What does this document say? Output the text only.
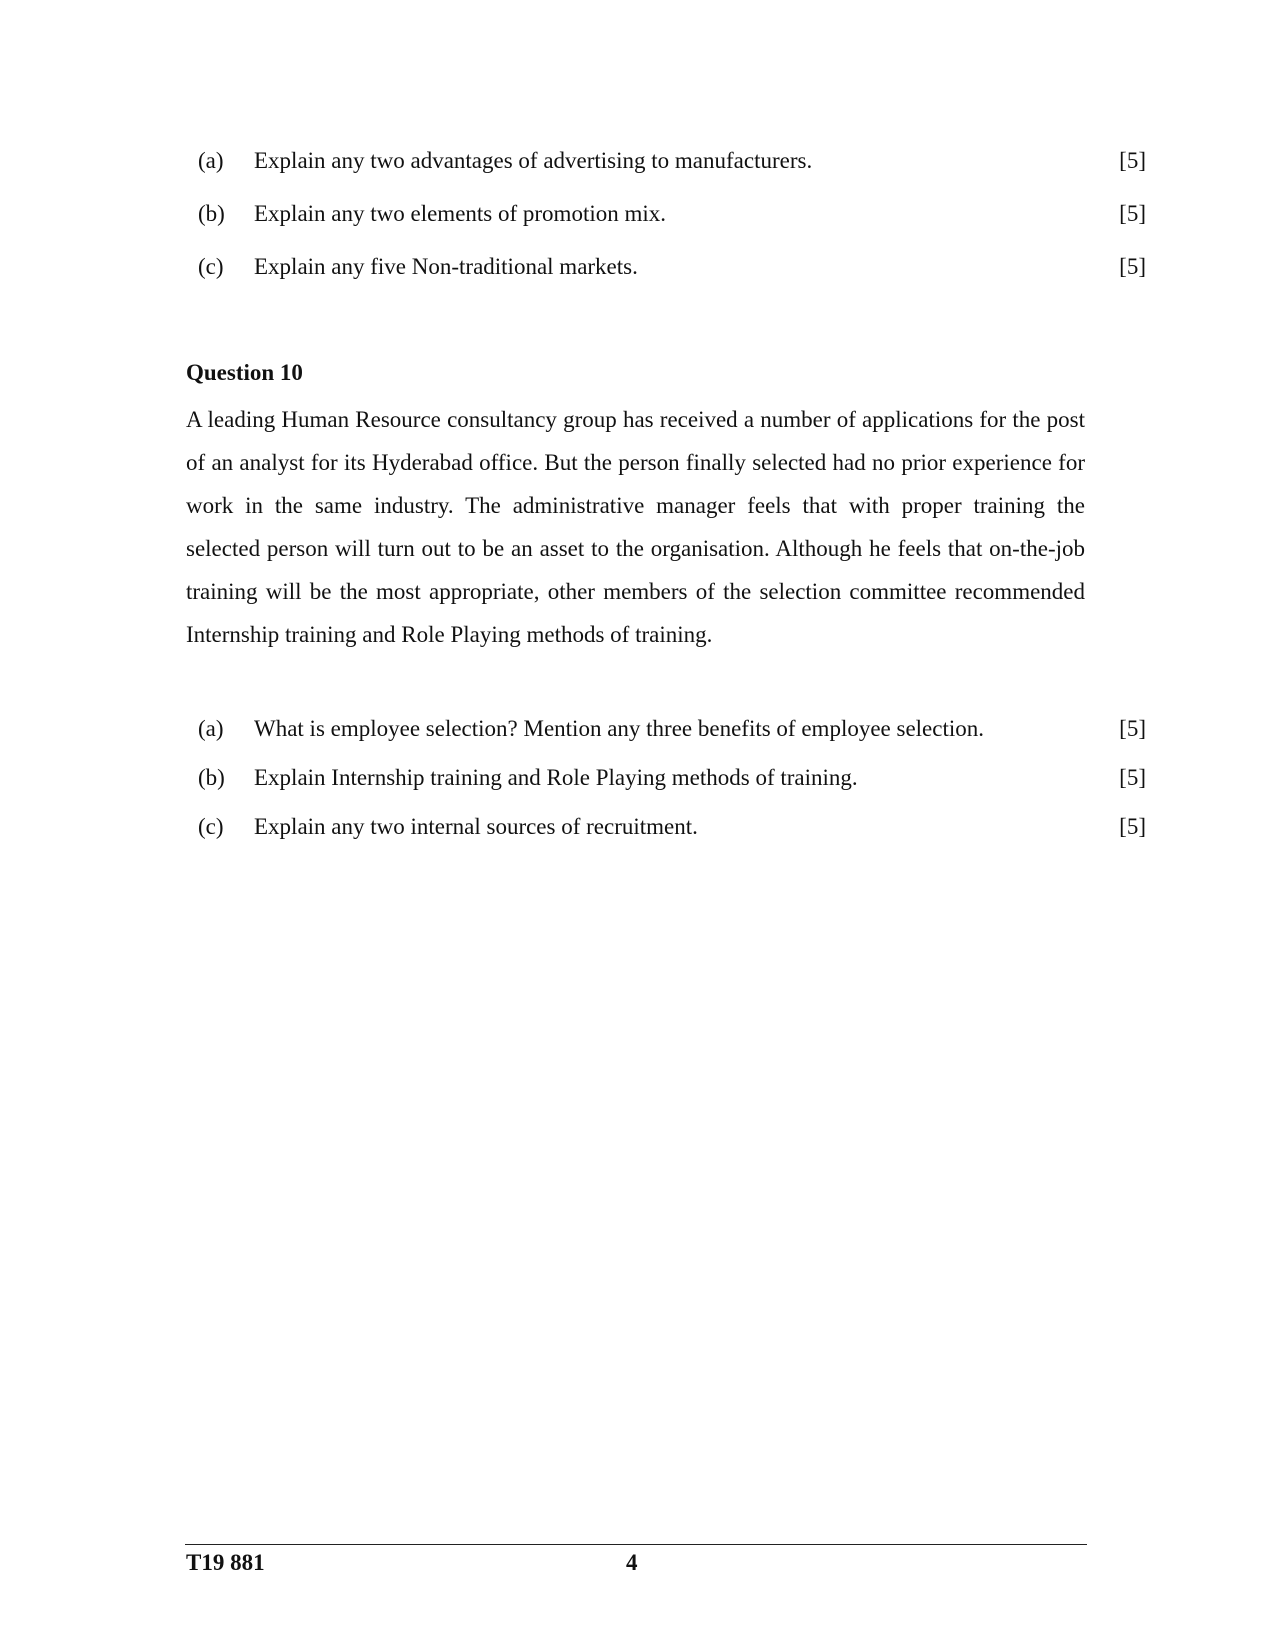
(a) Explain any two advantages of advertising to manufacturers.	[5]
(b) Explain any two elements of promotion mix.	[5]
(c) Explain any five Non-traditional markets.	[5]
Question 10

A leading Human Resource consultancy group has received a number of applications for the post of an analyst for its Hyderabad office. But the person finally selected had no prior experience for work in the same industry. The administrative manager feels that with proper training the selected person will turn out to be an asset to the organisation. Although he feels that on-the-job training will be the most appropriate, other members of the selection committee recommended Internship training and Role Playing methods of training.

(a) What is employee selection? Mention any three benefits of employee selection.	[5]
(b) Explain Internship training and Role Playing methods of training.	[5]
(c) Explain any two internal sources of recruitment.	[5]
T19 881	4
